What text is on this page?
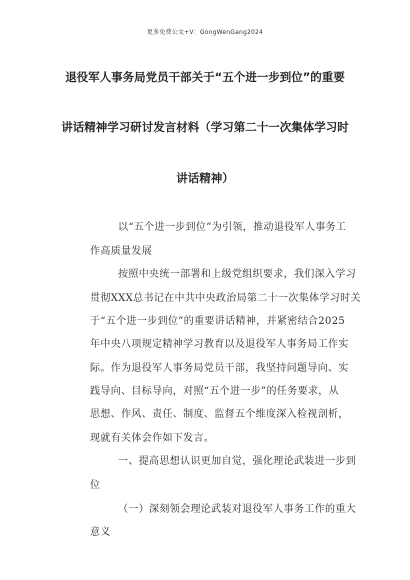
更多免费公文+V：GongWenGang2024
退役军人事务局党员干部关于“五个进一步到位”的重要
讲话精神学习研讨发言材料（学习第二十一次集体学习时
讲话精神）
以“五个进一步到位”为引领，推动退役军人事务工
作高质量发展
按照中央统一部署和上级党组织要求，我们深入学习
贯彻XXX总书记在中共中央政治局第二十一次集体学习时关
于“五个进一步到位”的重要讲话精神，并紧密结合2025
年中央八项规定精神学习教育以及退役军人事务局工作实
际。作为退役军人事务局党员干部，我坚持问题导向、实
践导向、目标导向，对照“五个进一步”的任务要求，从
思想、作风、责任、制度、监督五个维度深入检视剖析，
现就有关体会作如下发言。
一、提高思想认识更加自觉，强化理论武装进一步到
位
（一）深刻领会理论武装对退役军人事务工作的重大
意义
